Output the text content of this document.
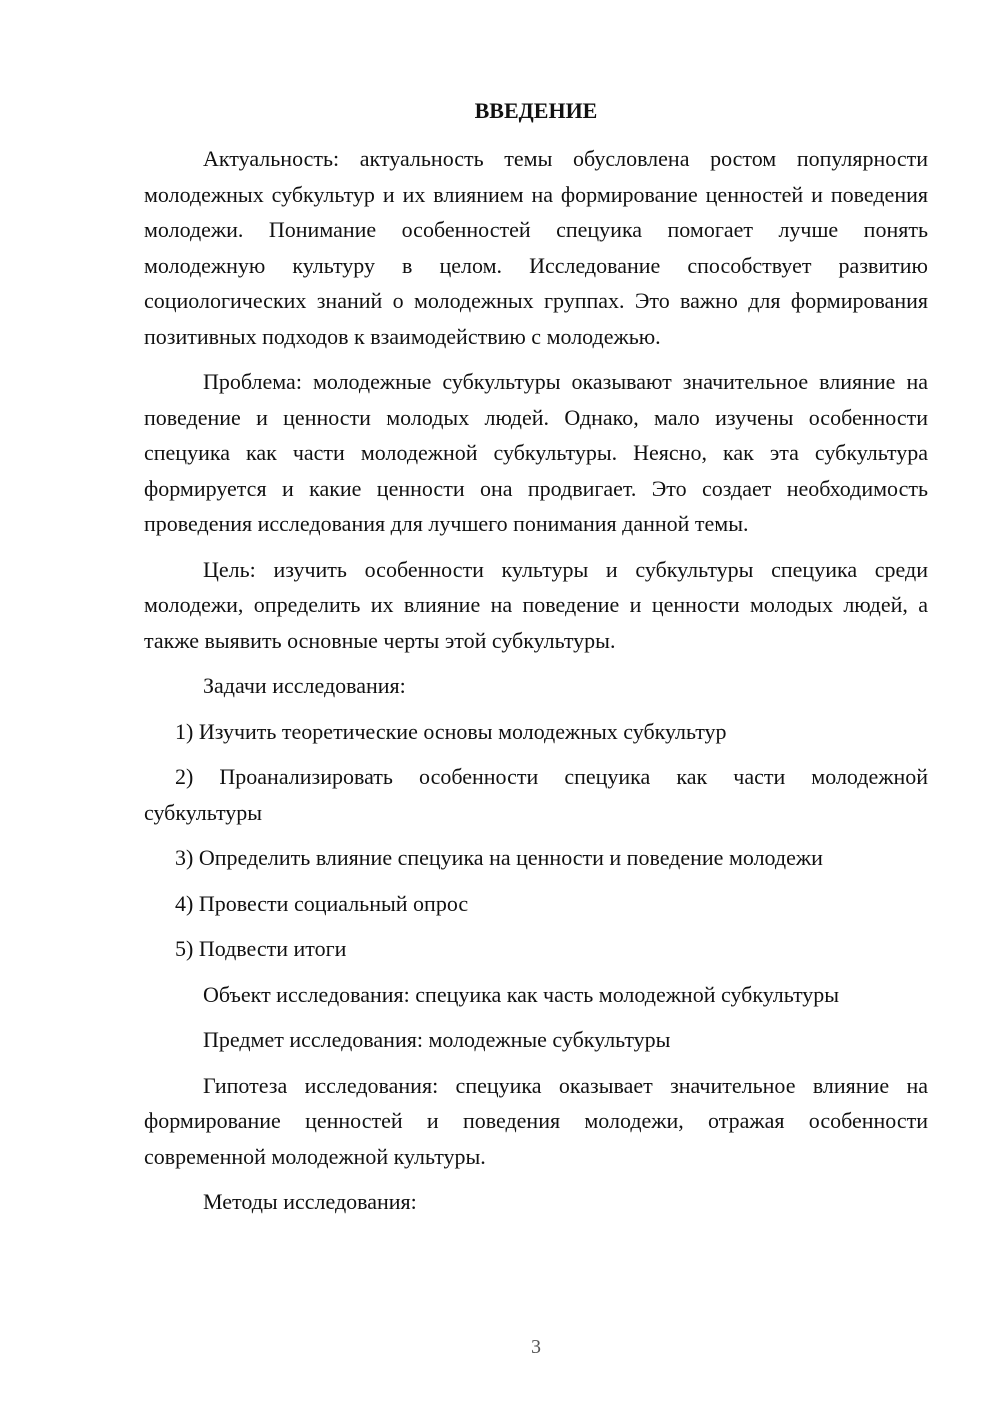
ВВЕДЕНИЕ

Актуальность: актуальность темы обусловлена ростом популярности молодежных субкультур и их влиянием на формирование ценностей и поведения молодежи. Понимание особенностей спецуика помогает лучше понять молодежную культуру в целом. Исследование способствует развитию социологических знаний о молодежных группах. Это важно для формирования позитивных подходов к взаимодействию с молодежью.

Проблема: молодежные субкультуры оказывают значительное влияние на поведение и ценности молодых людей. Однако, мало изучены особенности спецуика как части молодежной субкультуры. Неясно, как эта субкультура формируется и какие ценности она продвигает. Это создает необходимость проведения исследования для лучшего понимания данной темы.

Цель: изучить особенности культуры и субкультуры спецуика среди молодежи, определить их влияние на поведение и ценности молодых людей, а также выявить основные черты этой субкультуры.

Задачи исследования:

1) Изучить теоретические основы молодежных субкультур

2) Проанализировать особенности спецуика как части молодежной субкультуры

3) Определить влияние спецуика на ценности и поведение молодежи

4) Провести социальный опрос

5) Подвести итоги

Объект исследования: спецуика как часть молодежной субкультуры

Предмет исследования: молодежные субкультуры

Гипотеза исследования: спецуика оказывает значительное влияние на формирование ценностей и поведения молодежи, отражая особенности современной молодежной культуры.

Методы исследования:

3
